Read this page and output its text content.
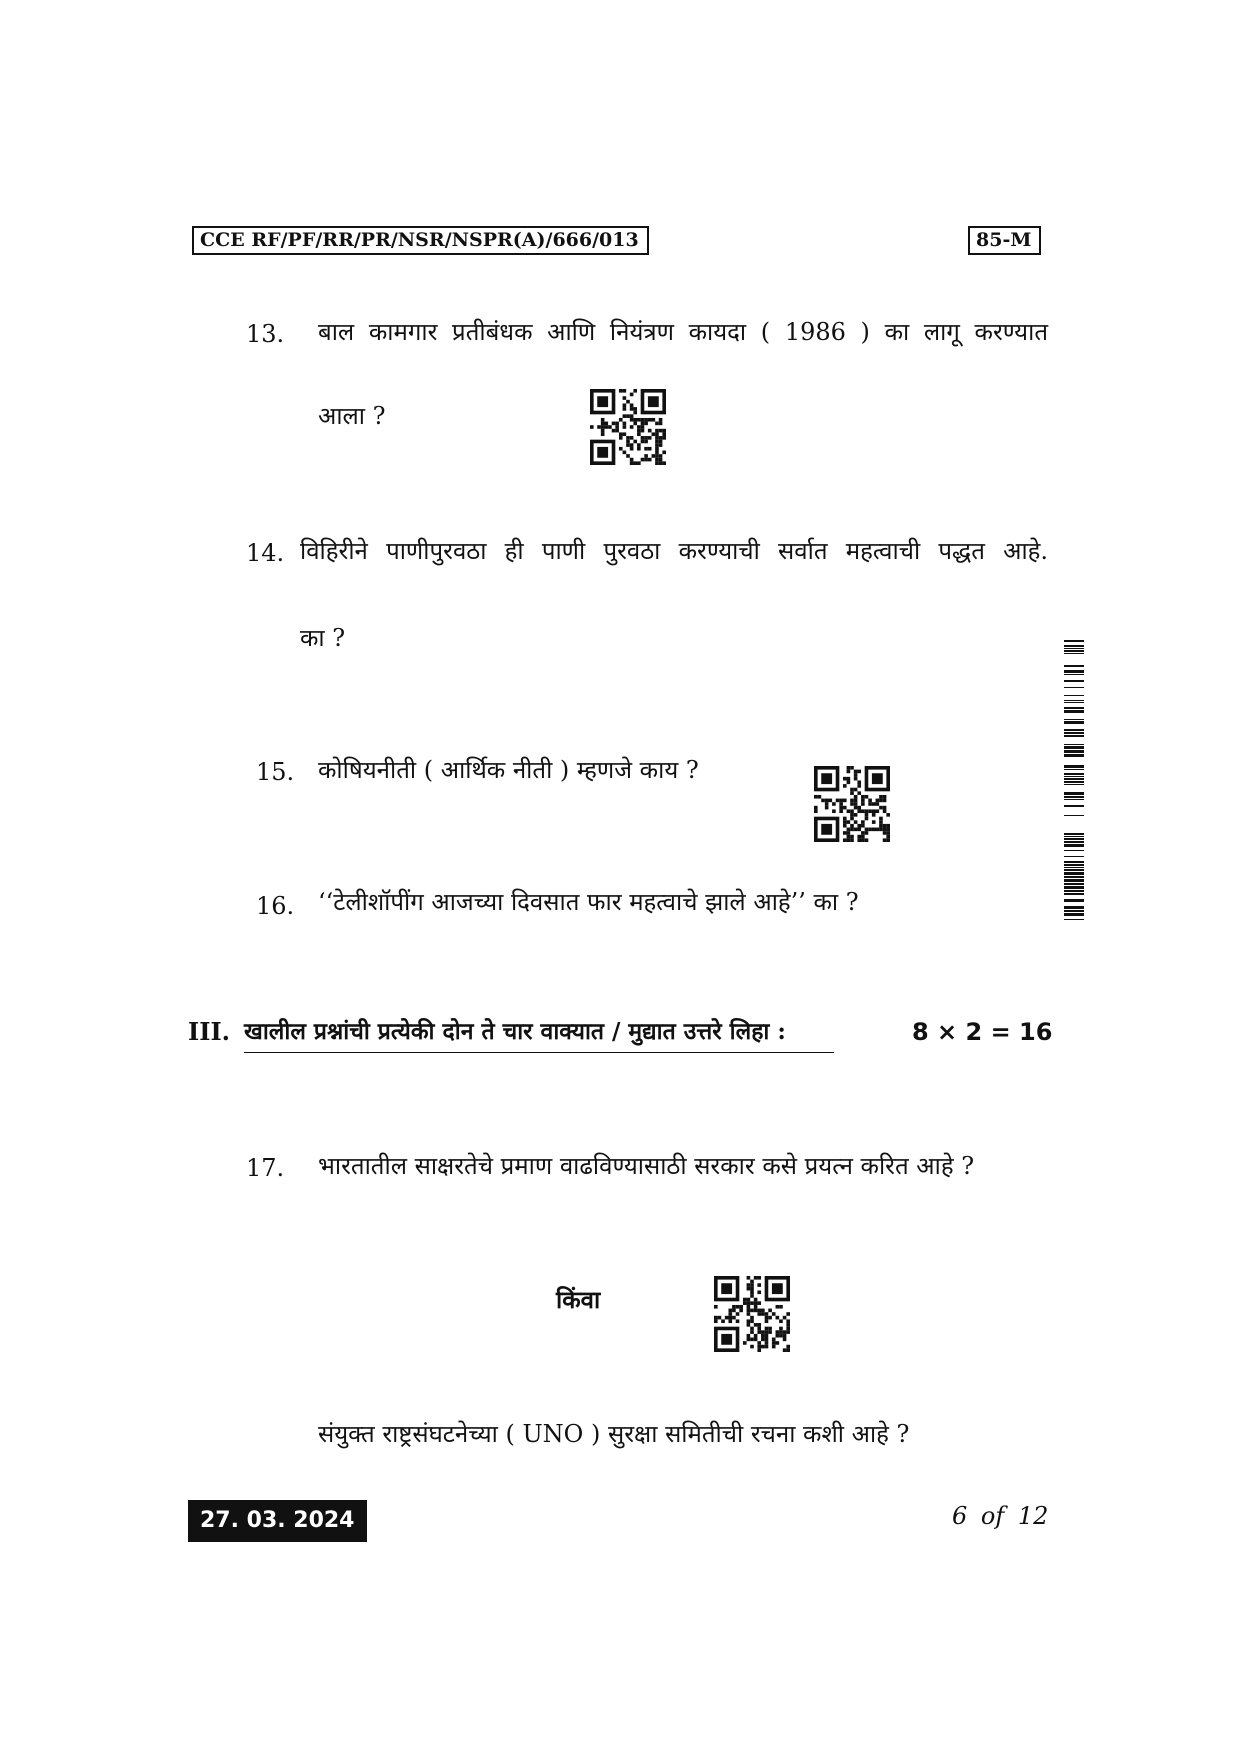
CCE RF/PF/RR/PR/NSR/NSPR(A)/666/013	85-M
13. बाल कामगार प्रतीबंधक आणि नियंत्रण कायदा ( 1986 ) का लागू करण्यात
आला ?
14. विहिरीने पाणीपुरवठा ही पाणी पुरवठा करण्याची सर्वात महत्वाची पद्धत आहे.
का ?
15. कोषियनीती ( आर्थिक नीती ) म्हणजे काय ?
16. ‘‘टेलीशॉपींग आजच्या दिवसात फार महत्वाचे झाले आहे’’ का ?
III. खालील प्रश्नांची प्रत्येकी दोन ते चार वाक्यात / मुद्यात उत्तरे लिहा :	8 × 2 = 16
17. भारतातील साक्षरतेचे प्रमाण वाढविण्यासाठी सरकार कसे प्रयत्न करित आहे ?
किंवा
संयुक्त राष्ट्रसंघटनेच्या ( UNO ) सुरक्षा समितीची रचना कशी आहे ?
27. 03. 2024	6 of 12
